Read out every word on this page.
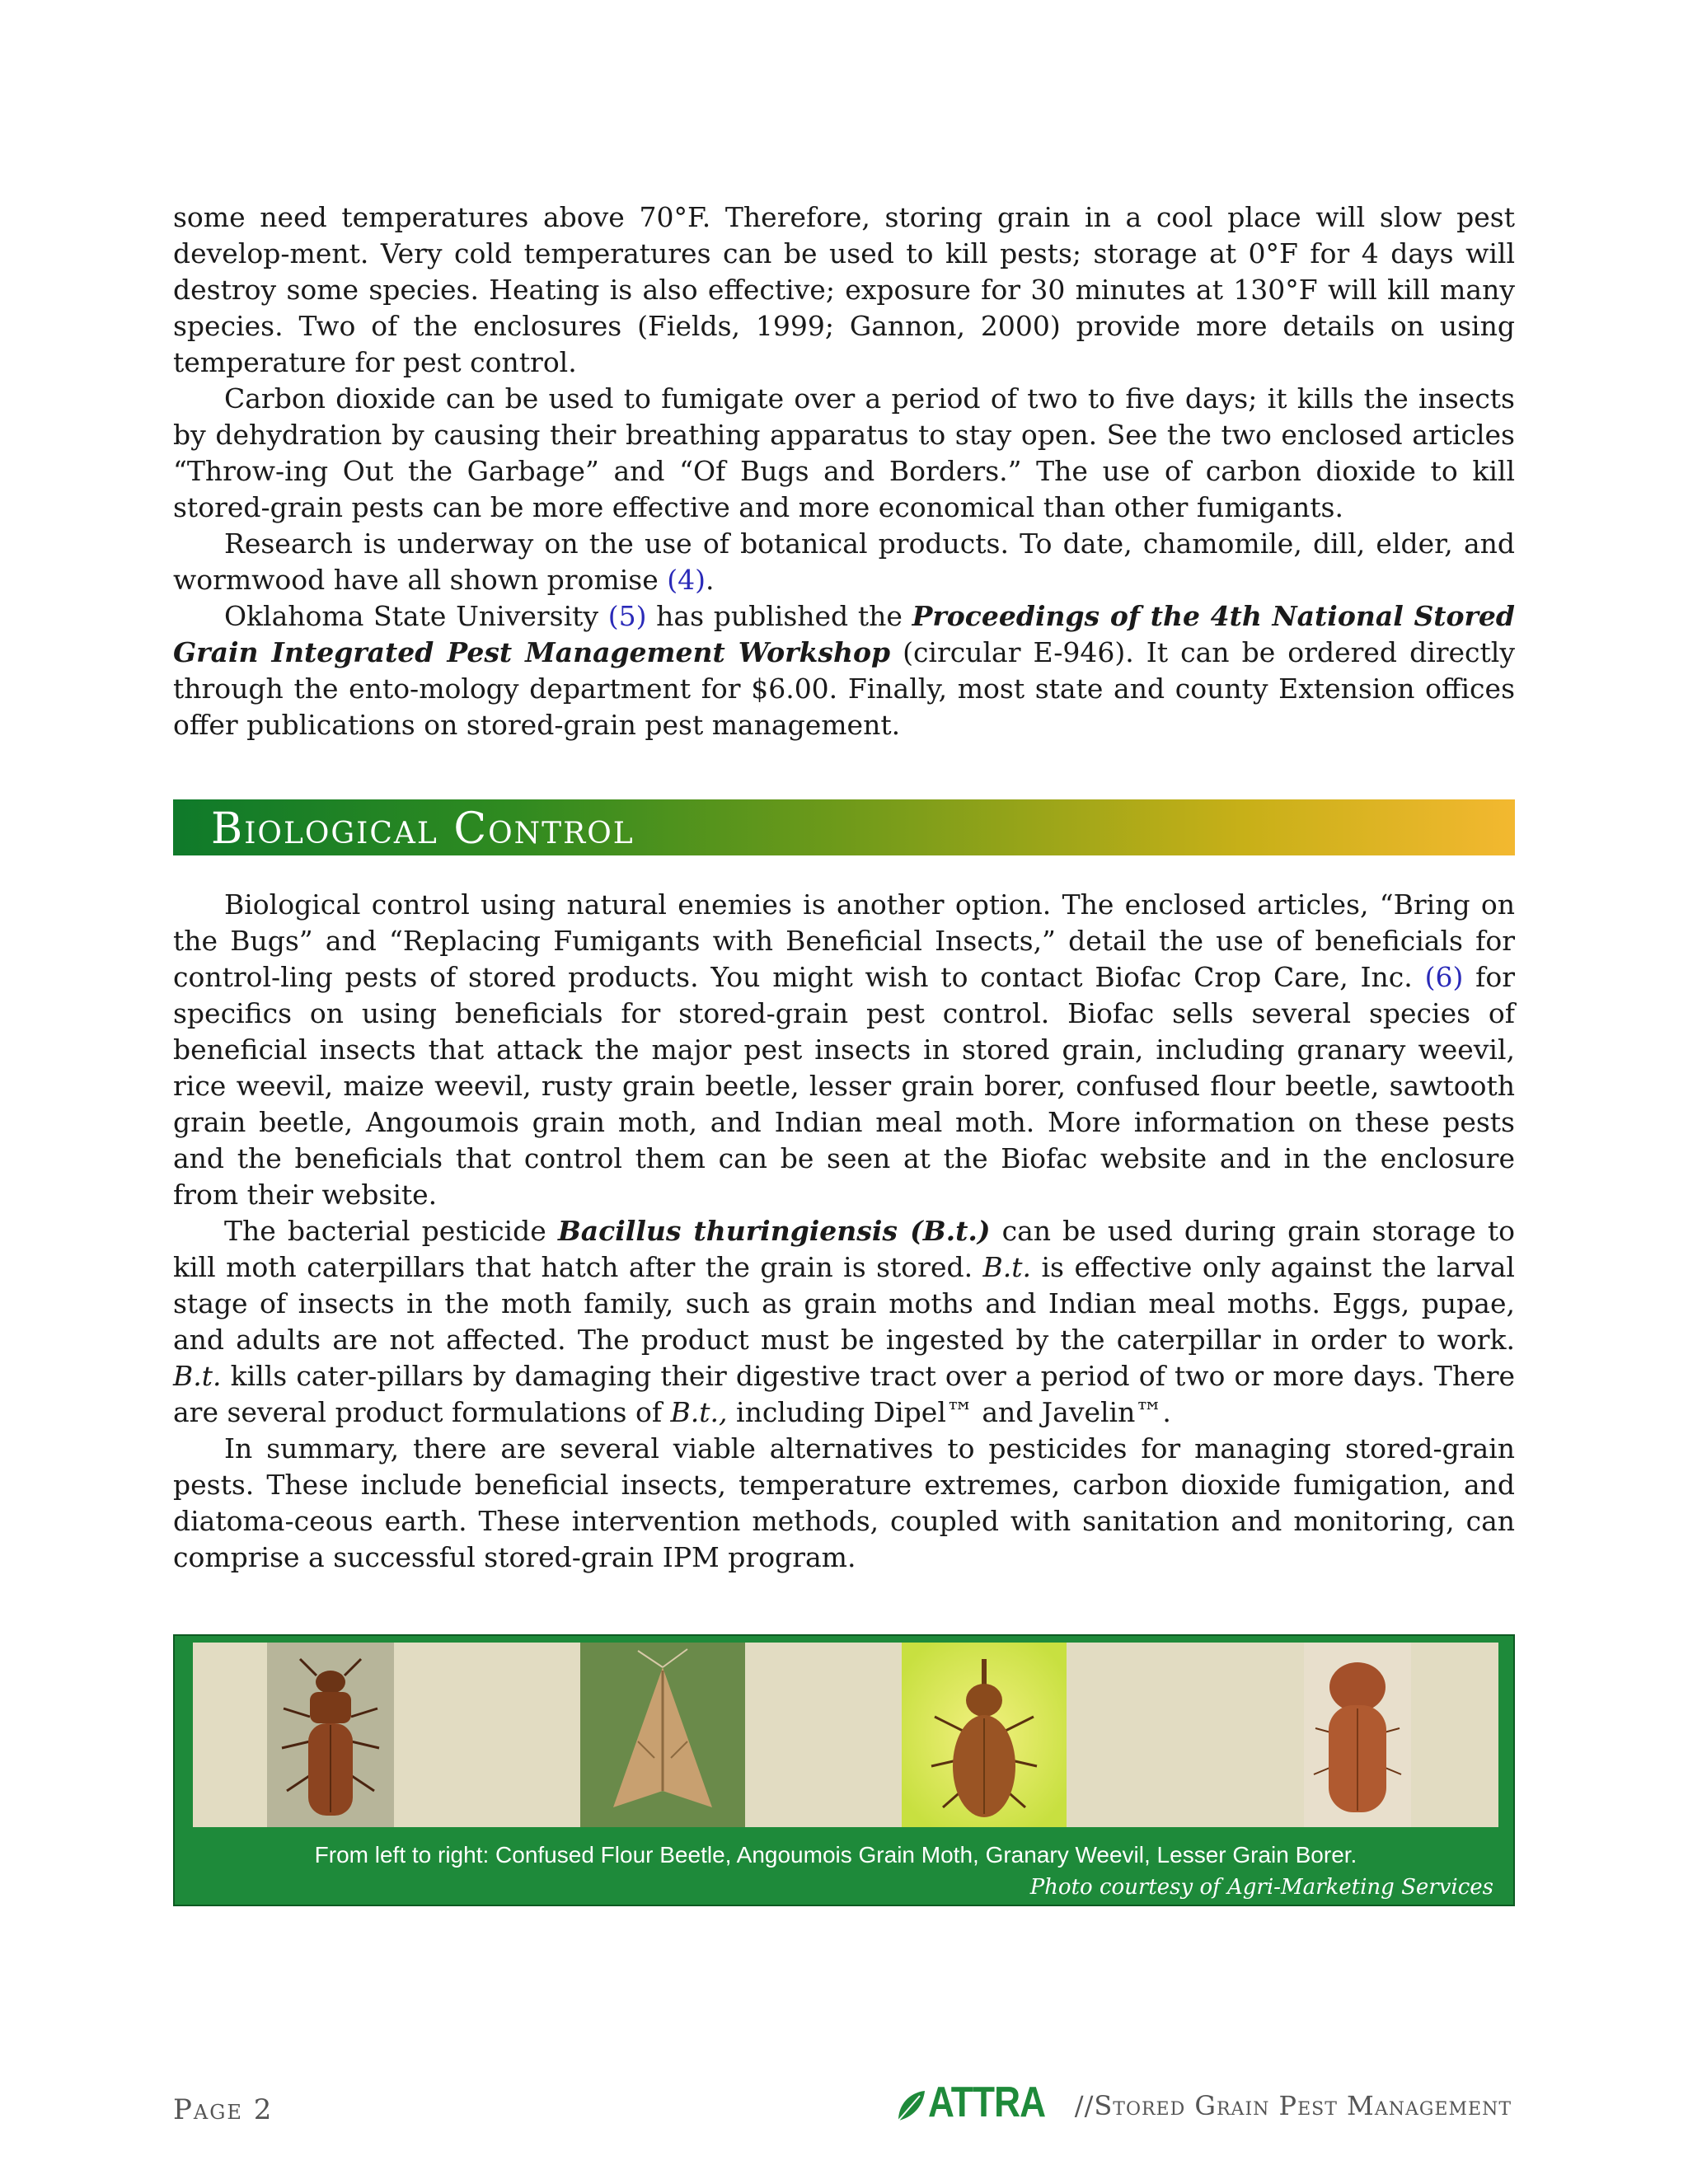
some need temperatures above 70°F. Therefore, storing grain in a cool place will slow pest develop-ment. Very cold temperatures can be used to kill pests; storage at 0°F for 4 days will destroy some species. Heating is also effective; exposure for 30 minutes at 130°F will kill many species. Two of the enclosures (Fields, 1999; Gannon, 2000) provide more details on using temperature for pest control.

Carbon dioxide can be used to fumigate over a period of two to five days; it kills the insects by dehydration by causing their breathing apparatus to stay open. See the two enclosed articles “Throw-ing Out the Garbage” and “Of Bugs and Borders.” The use of carbon dioxide to kill stored-grain pests can be more effective and more economical than other fumigants.

Research is underway on the use of botanical products. To date, chamomile, dill, elder, and wormwood have all shown promise (4).

Oklahoma State University (5) has published the Proceedings of the 4th National Stored Grain Integrated Pest Management Workshop (circular E-946). It can be ordered directly through the ento-mology department for $6.00. Finally, most state and county Extension offices offer publications on stored-grain pest management.

Biological Control

Biological control using natural enemies is another option. The enclosed articles, “Bring on the Bugs” and “Replacing Fumigants with Beneficial Insects,” detail the use of beneficials for control-ling pests of stored products. You might wish to contact Biofac Crop Care, Inc. (6) for specifics on using beneficials for stored-grain pest control. Biofac sells several species of beneficial insects that attack the major pest insects in stored grain, including granary weevil, rice weevil, maize weevil, rusty grain beetle, lesser grain borer, confused flour beetle, sawtooth grain beetle, Angoumois grain moth, and Indian meal moth. More information on these pests and the beneficials that control them can be seen at the Biofac website and in the enclosure from their website.

The bacterial pesticide Bacillus thuringiensis (B.t.) can be used during grain storage to kill moth caterpillars that hatch after the grain is stored. B.t. is effective only against the larval stage of insects in the moth family, such as grain moths and Indian meal moths. Eggs, pupae, and adults are not affected. The product must be ingested by the caterpillar in order to work. B.t. kills cater-pillars by damaging their digestive tract over a period of two or more days. There are several product formulations of B.t., including Dipel™ and Javelin™.

In summary, there are several viable alternatives to pesticides for managing stored-grain pests. These include beneficial insects, temperature extremes, carbon dioxide fumigation, and diatoma-ceous earth. These intervention methods, coupled with sanitation and monitoring, can comprise a successful stored-grain IPM program.

From left to right: Confused Flour Beetle, Angoumois Grain Moth, Granary Weevil, Lesser Grain Borer.
Photo courtesy of Agri-Marketing Services
Page 2	ATTRA // Stored Grain Pest Management
